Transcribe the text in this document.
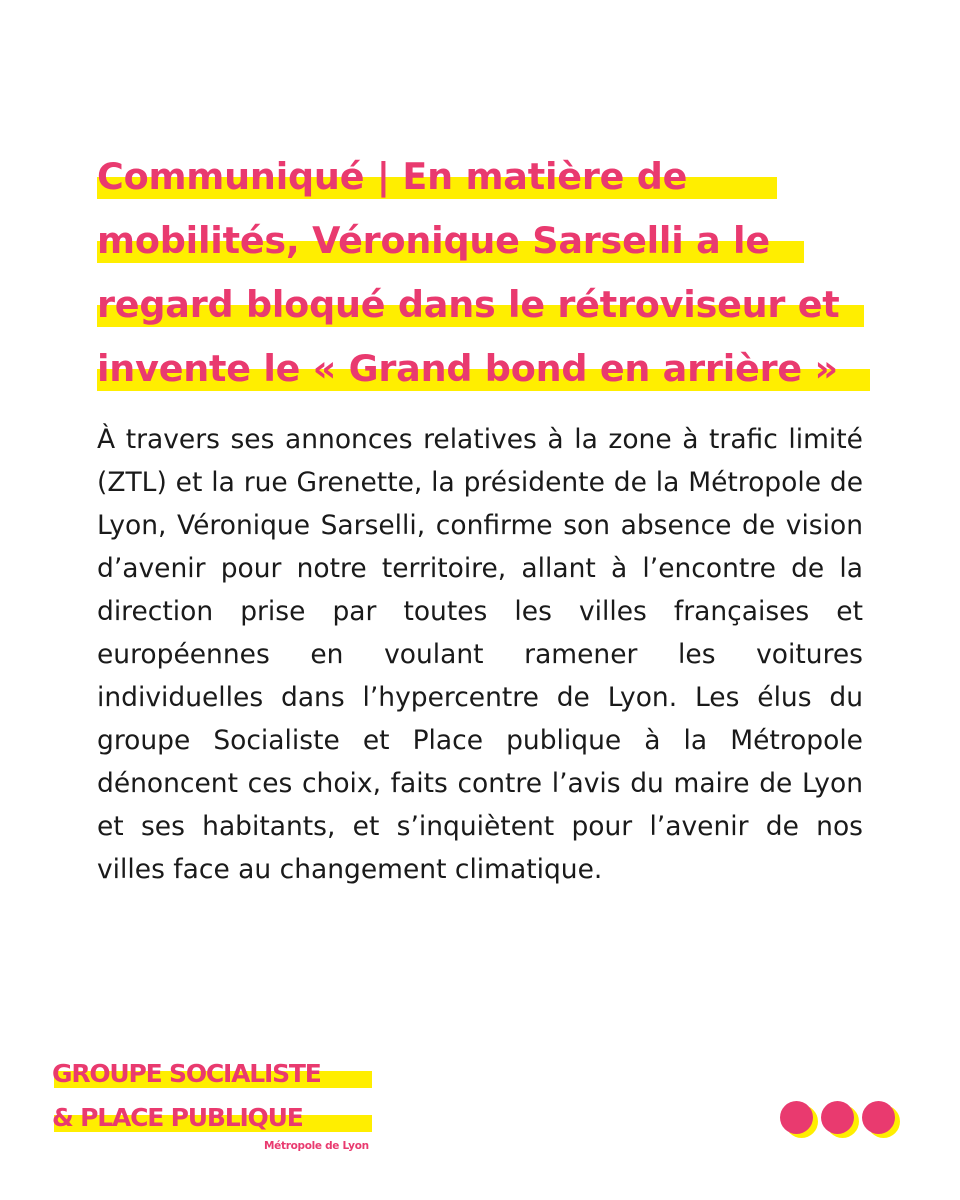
Communiqué | En matière de
mobilités, Véronique Sarselli a le
regard bloqué dans le rétroviseur et
invente le « Grand bond en arrière »

À travers ses annonces relatives à la zone à trafic limité (ZTL) et la rue Grenette, la présidente de la Métropole de Lyon, Véronique Sarselli, confirme son absence de vision d’avenir pour notre territoire, allant à l’encontre de la direction prise par toutes les villes françaises et européennes en voulant ramener les voitures individuelles dans l’hypercentre de Lyon. Les élus du groupe Socialiste et Place publique à la Métropole dénoncent ces choix, faits contre l’avis du maire de Lyon et ses habitants, et s’inquiètent pour l’avenir de nos villes face au changement climatique.

GROUPE SOCIALISTE
& PLACE PUBLIQUE
Métropole de Lyon
